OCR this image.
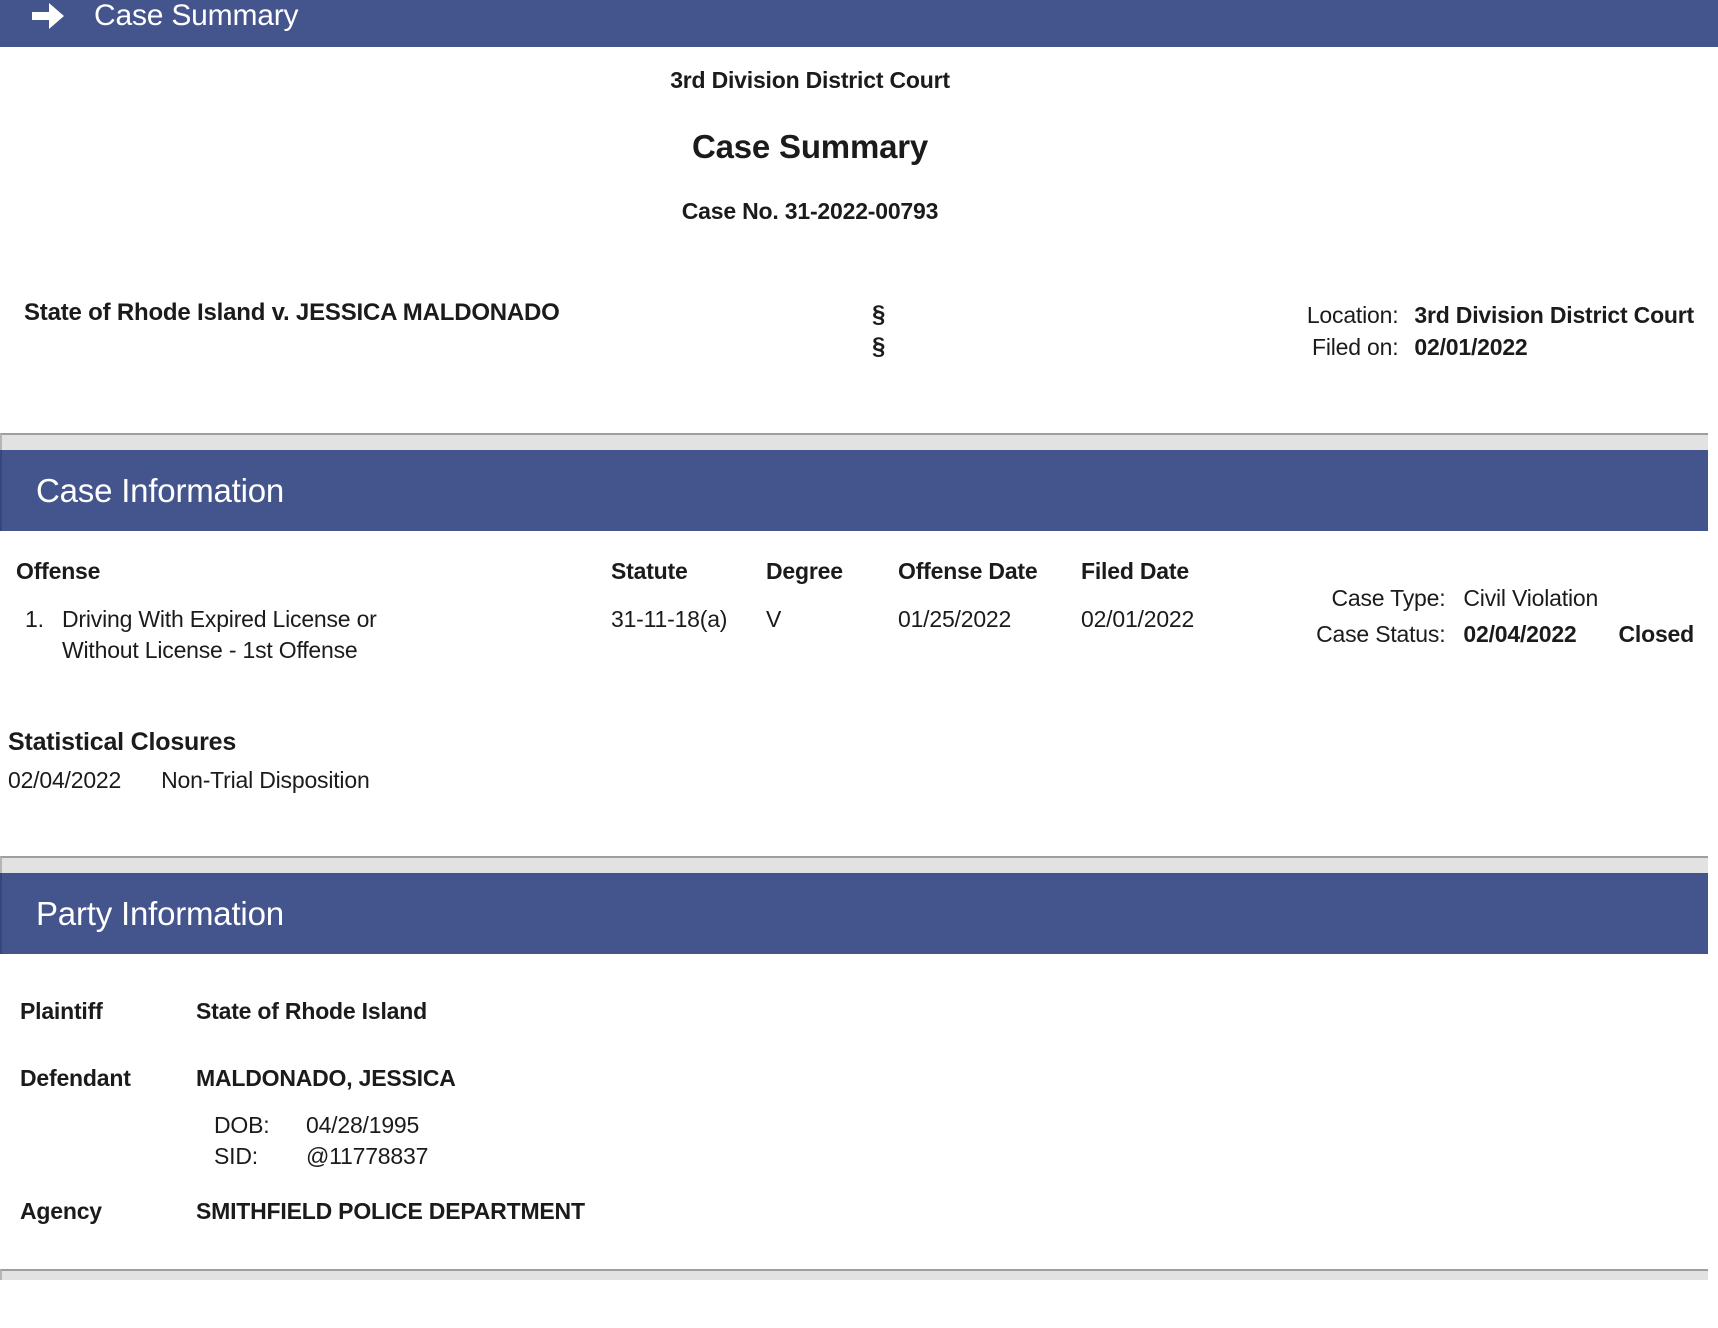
Case Summary
3rd Division District Court
Case Summary
Case No. 31-2022-00793
State of Rhode Island v. JESSICA MALDONADO	§
§
Location: 3rd Division District Court
Filed on: 02/01/2022
Case Information
Offense	Statute	Degree	Offense Date	Filed Date
1. Driving With Expired License or Without License - 1st Offense
31-11-18(a)	V	01/25/2022	02/01/2022
Case Type: Civil Violation
Case Status: 02/04/2022 Closed
Statistical Closures
02/04/2022 Non-Trial Disposition
Party Information
Plaintiff	State of Rhode Island
Defendant	MALDONADO, JESSICA
DOB:	04/28/1995
SID:	@11778837
Agency	SMITHFIELD POLICE DEPARTMENT
